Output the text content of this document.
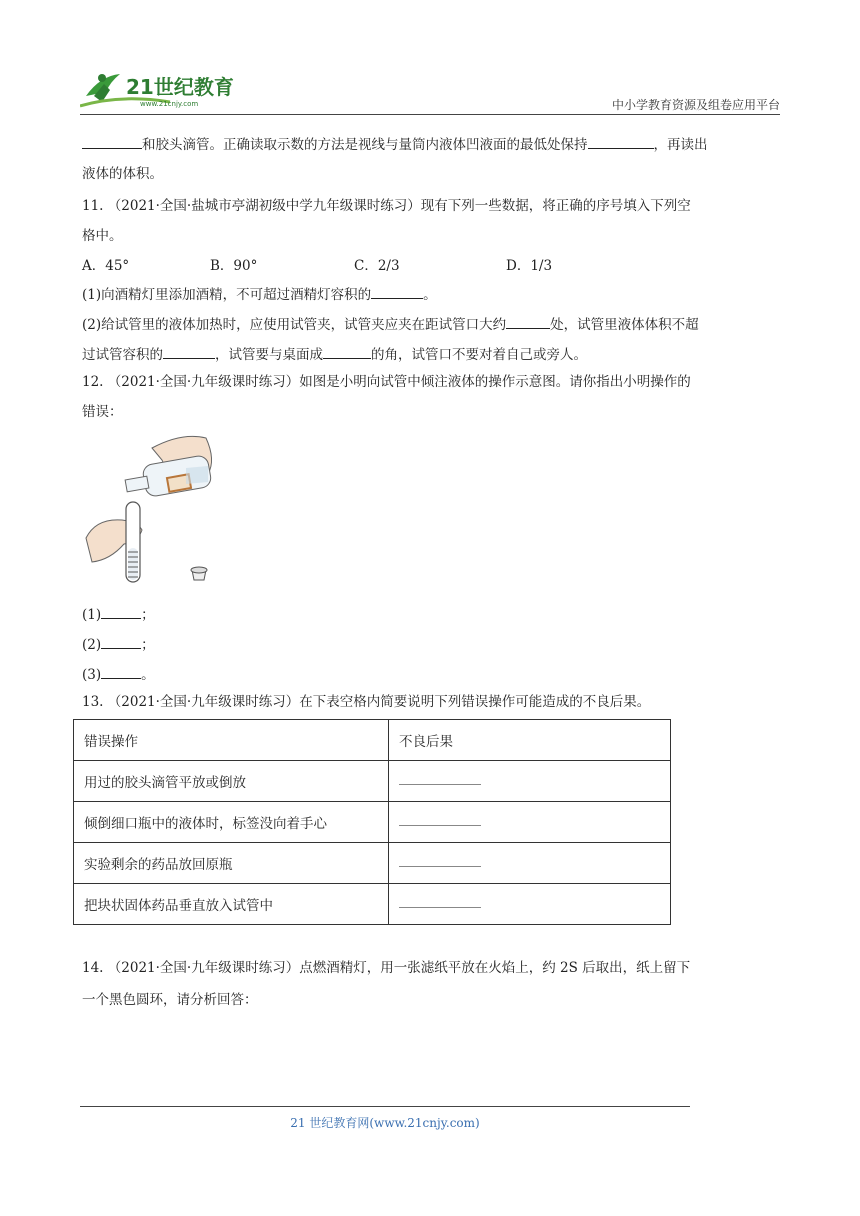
21世纪教育
www.21cnjy.com	中小学教育资源及组卷应用平台
和胶头滴管。正确读取示数的方法是视线与量筒内液体凹液面的最低处保持	，再读出
液体的体积。
11. （2021·全国·盐城市亭湖初级中学九年级课时练习）现有下列一些数据，将正确的序号填入下列空
格中。
A．45°	B．90°	C．2/3	D．1/3
(1)向酒精灯里添加酒精，不可超过酒精灯容积的	。
(2)给试管里的液体加热时，应使用试管夹，试管夹应夹在距试管口大约	处，试管里液体体积不超
过试管容积的	，试管要与桌面成	的角，试管口不要对着自己或旁人。
12. （2021·全国·九年级课时练习）如图是小明向试管中倾注液体的操作示意图。请你指出小明操作的
错误：
(1)	；
(2)	；
(3)	。
13. （2021·全国·九年级课时练习）在下表空格内简要说明下列错误操作可能造成的不良后果。
错误操作	不良后果
用过的胶头滴管平放或倒放	
倾倒细口瓶中的液体时，标签没向着手心	
实验剩余的药品放回原瓶	
把块状固体药品垂直放入试管中	
14. （2021·全国·九年级课时练习）点燃酒精灯，用一张滤纸平放在火焰上，约 2S 后取出，纸上留下
一个黑色圆环，请分析回答：
21 世纪教育网(www.21cnjy.com)
